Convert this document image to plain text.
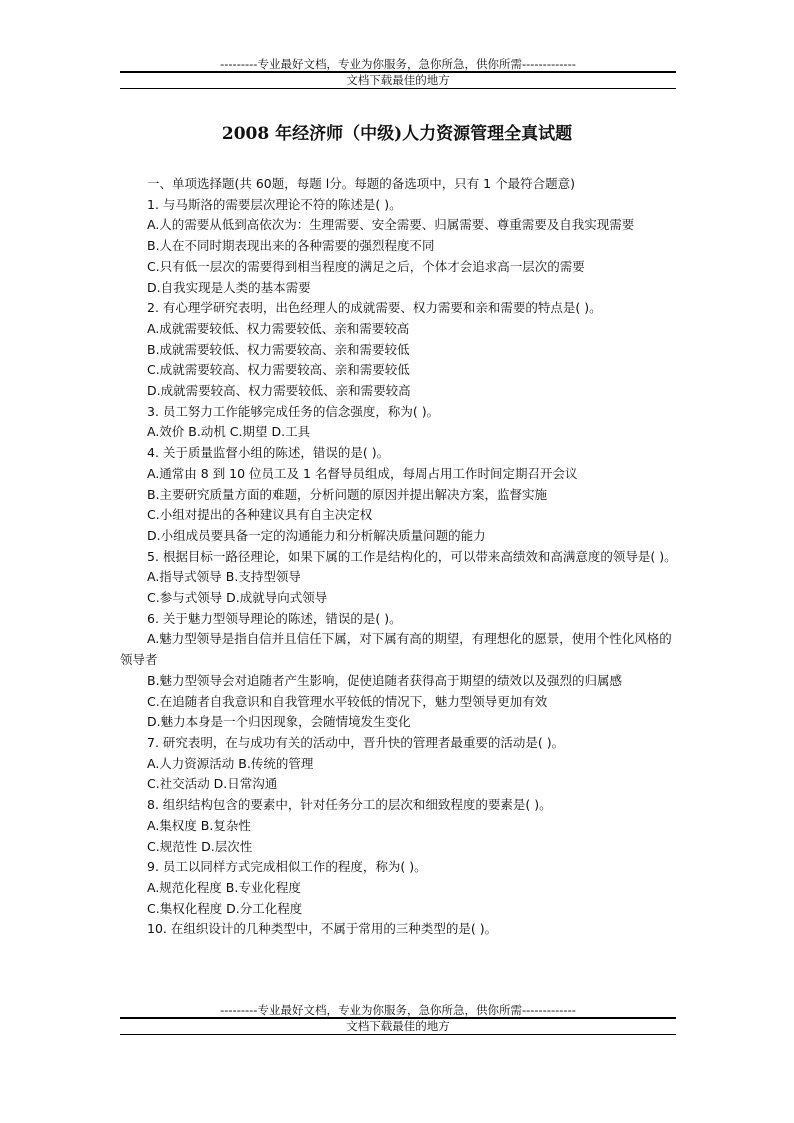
---------专业最好文档，专业为你服务，急你所急，供你所需-------------
文档下载最佳的地方
2008 年经济师（中级)人力资源管理全真试题
一、单项选择题(共 60题，每题 l分。每题的备选项中，只有 1 个最符合题意)
1. 与马斯洛的需要层次理论不符的陈述是( )。
A.人的需要从低到高依次为：生理需要、安全需要、归属需要、尊重需要及自我实现需要
B.人在不同时期表现出来的各种需要的强烈程度不同
C.只有低一层次的需要得到相当程度的满足之后，个体才会追求高一层次的需要
D.自我实现是人类的基本需要
2. 有心理学研究表明，出色经理人的成就需要、权力需要和亲和需要的特点是( )。
A.成就需要较低、权力需要较低、亲和需要较高
B.成就需要较低、权力需要较高、亲和需要较低
C.成就需要较高、权力需要较高、亲和需要较低
D.成就需要较高、权力需要较低、亲和需要较高
3. 员工努力工作能够完成任务的信念强度，称为( )。
A.效价 B.动机 C.期望 D.工具
4. 关于质量监督小组的陈述，错误的是( )。
A.通常由 8 到 10 位员工及 1 名督导员组成，每周占用工作时间定期召开会议
B.主要研究质量方面的难题，分析问题的原因并提出解决方案，监督实施
C.小组对提出的各种建议具有自主决定权
D.小组成员要具备一定的沟通能力和分析解决质量问题的能力
5. 根据目标一路径理论，如果下属的工作是结构化的，可以带来高绩效和高满意度的领导是( )。
A.指导式领导 B.支持型领导
C.参与式领导 D.成就导向式领导
6. 关于魅力型领导理论的陈述，错误的是( )。
A.魅力型领导是指自信并且信任下属，对下属有高的期望，有理想化的愿景，使用个性化风格的领导者
B.魅力型领导会对追随者产生影响，促使追随者获得高于期望的绩效以及强烈的归属感
C.在追随者自我意识和自我管理水平较低的情况下，魅力型领导更加有效
D.魅力本身是一个归因现象，会随情境发生变化
7. 研究表明，在与成功有关的活动中，晋升快的管理者最重要的活动是( )。
A.人力资源活动 B.传统的管理
C.社交活动 D.日常沟通
8. 组织结构包含的要素中，针对任务分工的层次和细致程度的要素是( )。
A.集权度 B.复杂性
C.规范性 D.层次性
9. 员工以同样方式完成相似工作的程度，称为( )。
A.规范化程度 B.专业化程度
C.集权化程度 D.分工化程度
10. 在组织设计的几种类型中，不属于常用的三种类型的是( )。
---------专业最好文档，专业为你服务，急你所急，供你所需-------------
文档下载最佳的地方
